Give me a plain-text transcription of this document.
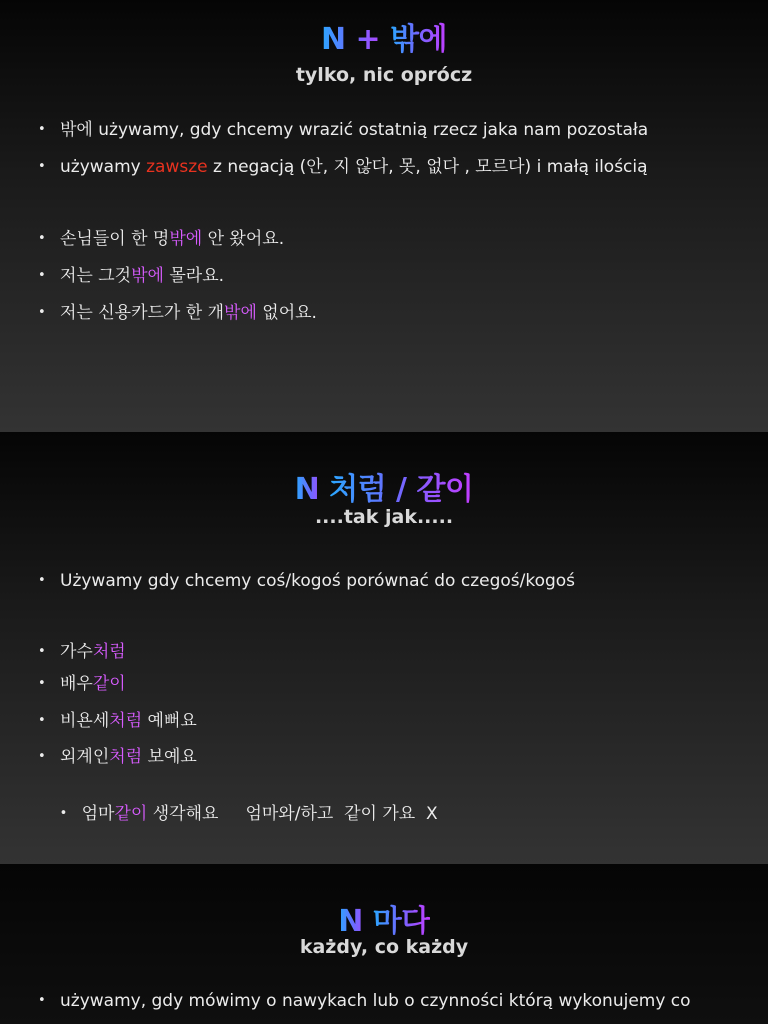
N + 밖에
tylko, nic oprócz
• 밖에 używamy, gdy chcemy wrazić ostatnią rzecz jaka nam pozostała
• używamy zawsze z negacją (안, 지 않다, 못, 없다 , 모르다) i małą ilością
• 손님들이 한 명밖에 안 왔어요.
• 저는 그것밖에 몰라요.
• 저는 신용카드가 한 개밖에 없어요.
N 처럼 / 같이
....tak jak.....
• Używamy gdy chcemy coś/kogoś porównać do czegoś/kogoś
• 가수처럼
• 배우같이
• 비욘세처럼 예뻐요
• 외계인처럼 보예요

• 엄마같이 생각해요     엄마와/하고  같이 가요  X

N 마다
każdy, co każdy
• używamy, gdy mówimy o nawykach lub o czynności którą wykonujemy co
